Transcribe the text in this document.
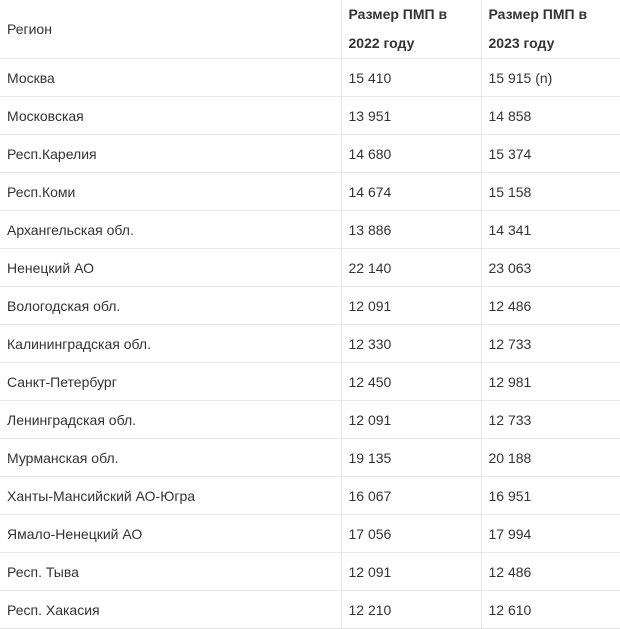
Регион	Размер ПМП в 2022 году	Размер ПМП в 2023 году
Москва	15 410	15 915 (n)
Московская	13 951	14 858
Респ.Карелия	14 680	15 374
Респ.Коми	14 674	15 158
Архангельская обл.	13 886	14 341
Ненецкий АО	22 140	23 063
Вологодская обл.	12 091	12 486
Калининградская обл.	12 330	12 733
Санкт-Петербург	12 450	12 981
Ленинградская обл.	12 091	12 733
Мурманская обл.	19 135	20 188
Ханты-Мансийский АО-Югра	16 067	16 951
Ямало-Ненецкий АО	17 056	17 994
Респ. Тыва	12 091	12 486
Респ. Хакасия	12 210	12 610
